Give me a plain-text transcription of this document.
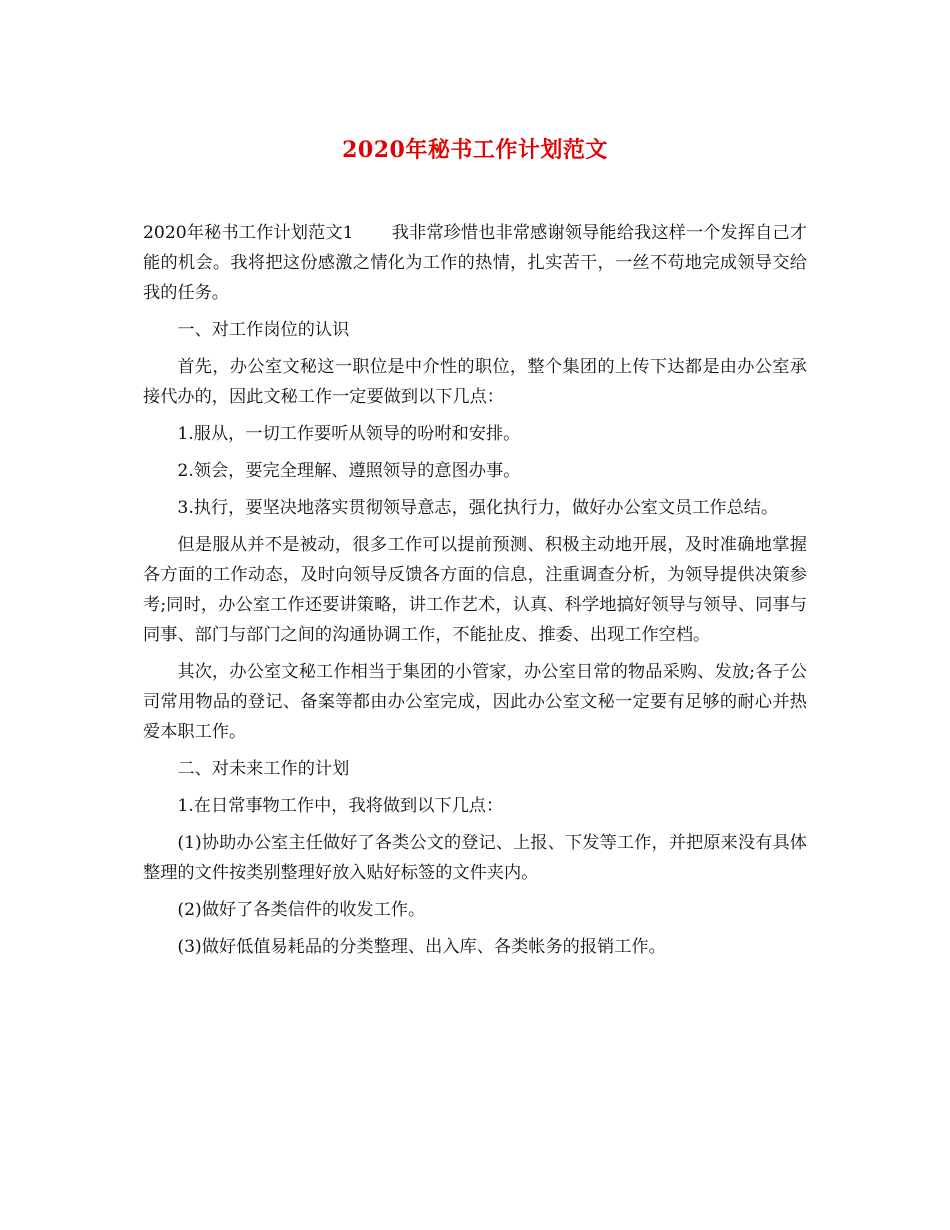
2020年秘书工作计划范文

2020年秘书工作计划范文1 我非常珍惜也非常感谢领导能给我这样一个发挥自己才能的机会。我将把这份感激之情化为工作的热情，扎实苦干，一丝不苟地完成领导交给我的任务。

一、对工作岗位的认识

首先，办公室文秘这一职位是中介性的职位，整个集团的上传下达都是由办公室承接代办的，因此文秘工作一定要做到以下几点：

1.服从，一切工作要听从领导的吩咐和安排。

2.领会，要完全理解、遵照领导的意图办事。

3.执行，要坚决地落实贯彻领导意志，强化执行力，做好办公室文员工作总结。

但是服从并不是被动，很多工作可以提前预测、积极主动地开展，及时准确地掌握各方面的工作动态，及时向领导反馈各方面的信息，注重调查分析，为领导提供决策参考;同时，办公室工作还要讲策略，讲工作艺术，认真、科学地搞好领导与领导、同事与同事、部门与部门之间的沟通协调工作，不能扯皮、推委、出现工作空档。

其次，办公室文秘工作相当于集团的小管家，办公室日常的物品采购、发放;各子公司常用物品的登记、备案等都由办公室完成，因此办公室文秘一定要有足够的耐心并热爱本职工作。

二、对未来工作的计划

1.在日常事物工作中，我将做到以下几点：

(1)协助办公室主任做好了各类公文的登记、上报、下发等工作，并把原来没有具体整理的文件按类别整理好放入贴好标签的文件夹内。

(2)做好了各类信件的收发工作。

(3)做好低值易耗品的分类整理、出入库、各类帐务的报销工作。
